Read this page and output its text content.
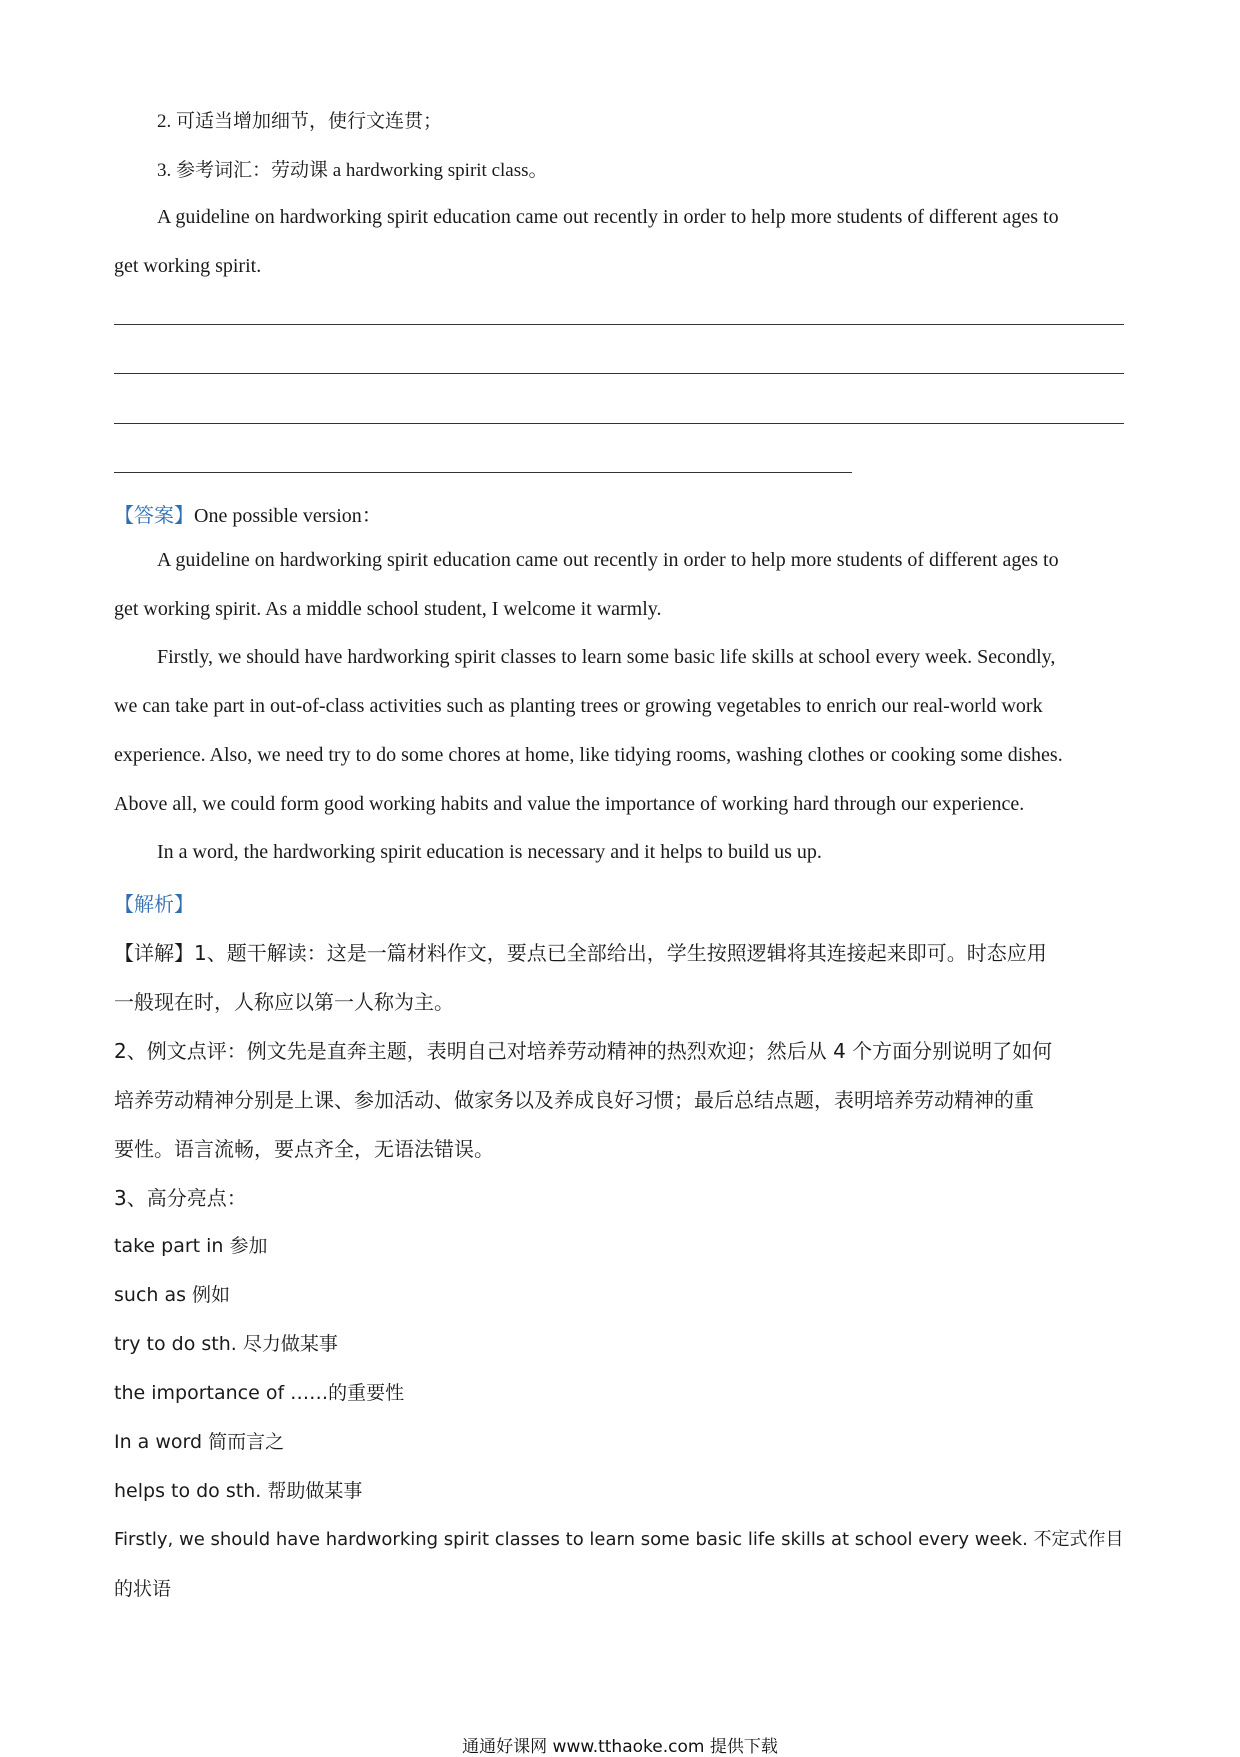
2. 可适当增加细节，使行文连贯；
3. 参考词汇：劳动课 a hardworking spirit class。
A guideline on hardworking spirit education came out recently in order to help more students of different ages to
get working spirit.
【答案】One possible version：
A guideline on hardworking spirit education came out recently in order to help more students of different ages to
get working spirit. As a middle school student, I welcome it warmly.
Firstly, we should have hardworking spirit classes to learn some basic life skills at school every week. Secondly,
we can take part in out-of-class activities such as planting trees or growing vegetables to enrich our real-world work
experience. Also, we need try to do some chores at home, like tidying rooms, washing clothes or cooking some dishes.
Above all, we could form good working habits and value the importance of working hard through our experience.
In a word, the hardworking spirit education is necessary and it helps to build us up.
【解析】
【详解】1、题干解读：这是一篇材料作文，要点已全部给出，学生按照逻辑将其连接起来即可。时态应用
一般现在时，人称应以第一人称为主。
2、例文点评：例文先是直奔主题，表明自己对培养劳动精神的热烈欢迎；然后从 4 个方面分别说明了如何
培养劳动精神分别是上课、参加活动、做家务以及养成良好习惯；最后总结点题，表明培养劳动精神的重
要性。语言流畅，要点齐全，无语法错误。
3、高分亮点：
take part in 参加
such as 例如
try to do sth. 尽力做某事
the importance of ……的重要性
In a word 简而言之
helps to do sth. 帮助做某事
Firstly, we should have hardworking spirit classes to learn some basic life skills at school every week. 不定式作目
的状语
通通好课网 www.tthaoke.com 提供下载
